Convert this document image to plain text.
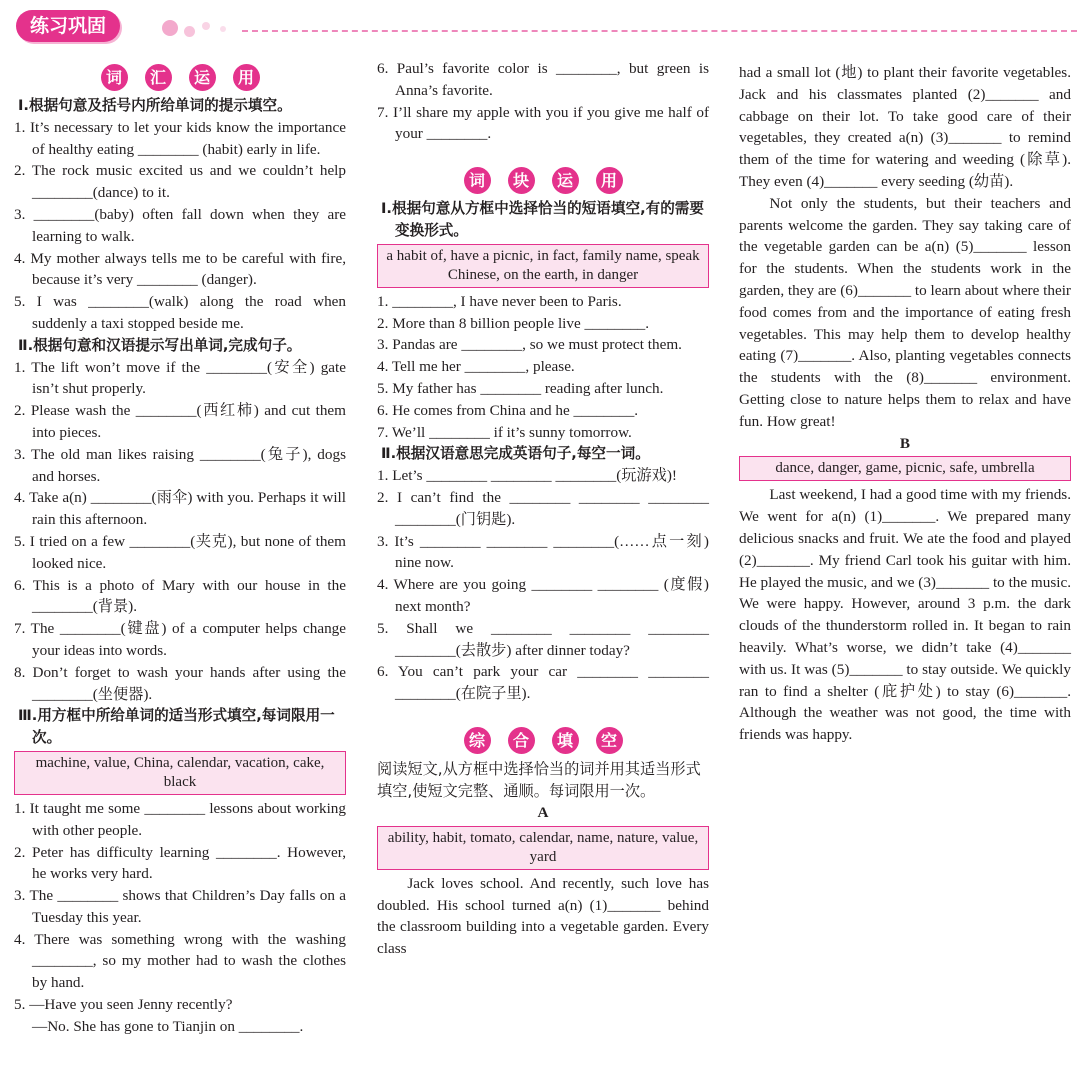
练习巩固
词	汇	运	用
Ⅰ.根据句意及括号内所给单词的提示填空。
1. It’s necessary to let your kids know the importance of healthy eating ________ (habit) early in life.
2. The rock music excited us and we couldn’t help ________(dance) to it.
3. ________(baby) often fall down when they are learning to walk.
4. My mother always tells me to be careful with fire, because it’s very ________ (danger).
5. I was ________(walk) along the road when suddenly a taxi stopped beside me.
Ⅱ.根据句意和汉语提示写出单词,完成句子。
1. The lift won’t move if the ________(安全) gate isn’t shut properly.
2. Please wash the ________(西红柿) and cut them into pieces.
3. The old man likes raising ________(兔子), dogs and horses.
4. Take a(n) ________(雨伞) with you. Perhaps it will rain this afternoon.
5. I tried on a few ________(夹克), but none of them looked nice.
6. This is a photo of Mary with our house in the ________(背景).
7. The ________(键盘) of a computer helps change your ideas into words.
8. Don’t forget to wash your hands after using the ________(坐便器).
Ⅲ.用方框中所给单词的适当形式填空,每词限用一次。
machine, value, China, calendar, vacation, cake, black
1. It taught me some ________ lessons about working with other people.
2. Peter has difficulty learning ________. However, he works very hard.
3. The ________ shows that Children’s Day falls on a Tuesday this year.
4. There was something wrong with the washing ________, so my mother had to wash the clothes by hand.
5. —Have you seen Jenny recently?
—No. She has gone to Tianjin on ________.
6. Paul’s favorite color is ________, but green is Anna’s favorite.
7. I’ll share my apple with you if you give me half of your ________.
词	块	运	用
Ⅰ.根据句意从方框中选择恰当的短语填空,有的需要变换形式。
a habit of, have a picnic, in fact, family name, speak Chinese, on the earth, in danger
1. ________, I have never been to Paris.
2. More than 8 billion people live ________.
3. Pandas are ________, so we must protect them.
4. Tell me her ________, please.
5. My father has ________ reading after lunch.
6. He comes from China and he ________.
7. We’ll ________ if it’s sunny tomorrow.
Ⅱ.根据汉语意思完成英语句子,每空一词。
1. Let’s ________ ________ ________(玩游戏)!
2. I can’t find the ________ ________ ________ ________(门钥匙).
3. It’s ________ ________ ________(……点一刻) nine now.
4. Where are you going ________ ________ (度假) next month?
5. Shall we ________ ________ ________ ________(去散步) after dinner today?
6. You can’t park your car ________ ________ ________(在院子里).
综	合	填	空
阅读短文,从方框中选择恰当的词并用其适当形式填空,使短文完整、通顺。每词限用一次。
A
ability, habit, tomato, calendar, name, nature, value, yard
Jack loves school. And recently, such love has doubled. His school turned a(n) (1)_______ behind the classroom building into a vegetable garden. Every class
had a small lot (地) to plant their favorite vegetables. Jack and his classmates planted (2)_______ and cabbage on their lot. To take good care of their vegetables, they created a(n) (3)_______ to remind them of the time for watering and weeding (除草). They even (4)_______ every seeding (幼苗).
Not only the students, but their teachers and parents welcome the garden. They say taking care of the vegetable garden can be a(n) (5)_______ lesson for the students. When the students work in the garden, they are (6)_______ to learn about where their food comes from and the importance of eating fresh vegetables. This may help them to develop healthy eating (7)_______. Also, planting vegetables connects the students with the (8)_______ environment. Getting close to nature helps them to relax and have fun. How great!
B
dance, danger, game, picnic, safe, umbrella
Last weekend, I had a good time with my friends. We went for a(n) (1)_______. We prepared many delicious snacks and fruit. We ate the food and played (2)_______. My friend Carl took his guitar with him. He played the music, and we (3)_______ to the music. We were happy. However, around 3 p.m. the dark clouds of the thunderstorm rolled in. It began to rain heavily. What’s worse, we didn’t take (4)_______ with us. It was (5)_______ to stay outside. We quickly ran to find a shelter (庇护处) to stay (6)_______. Although the weather was not good, the time with friends was happy.
